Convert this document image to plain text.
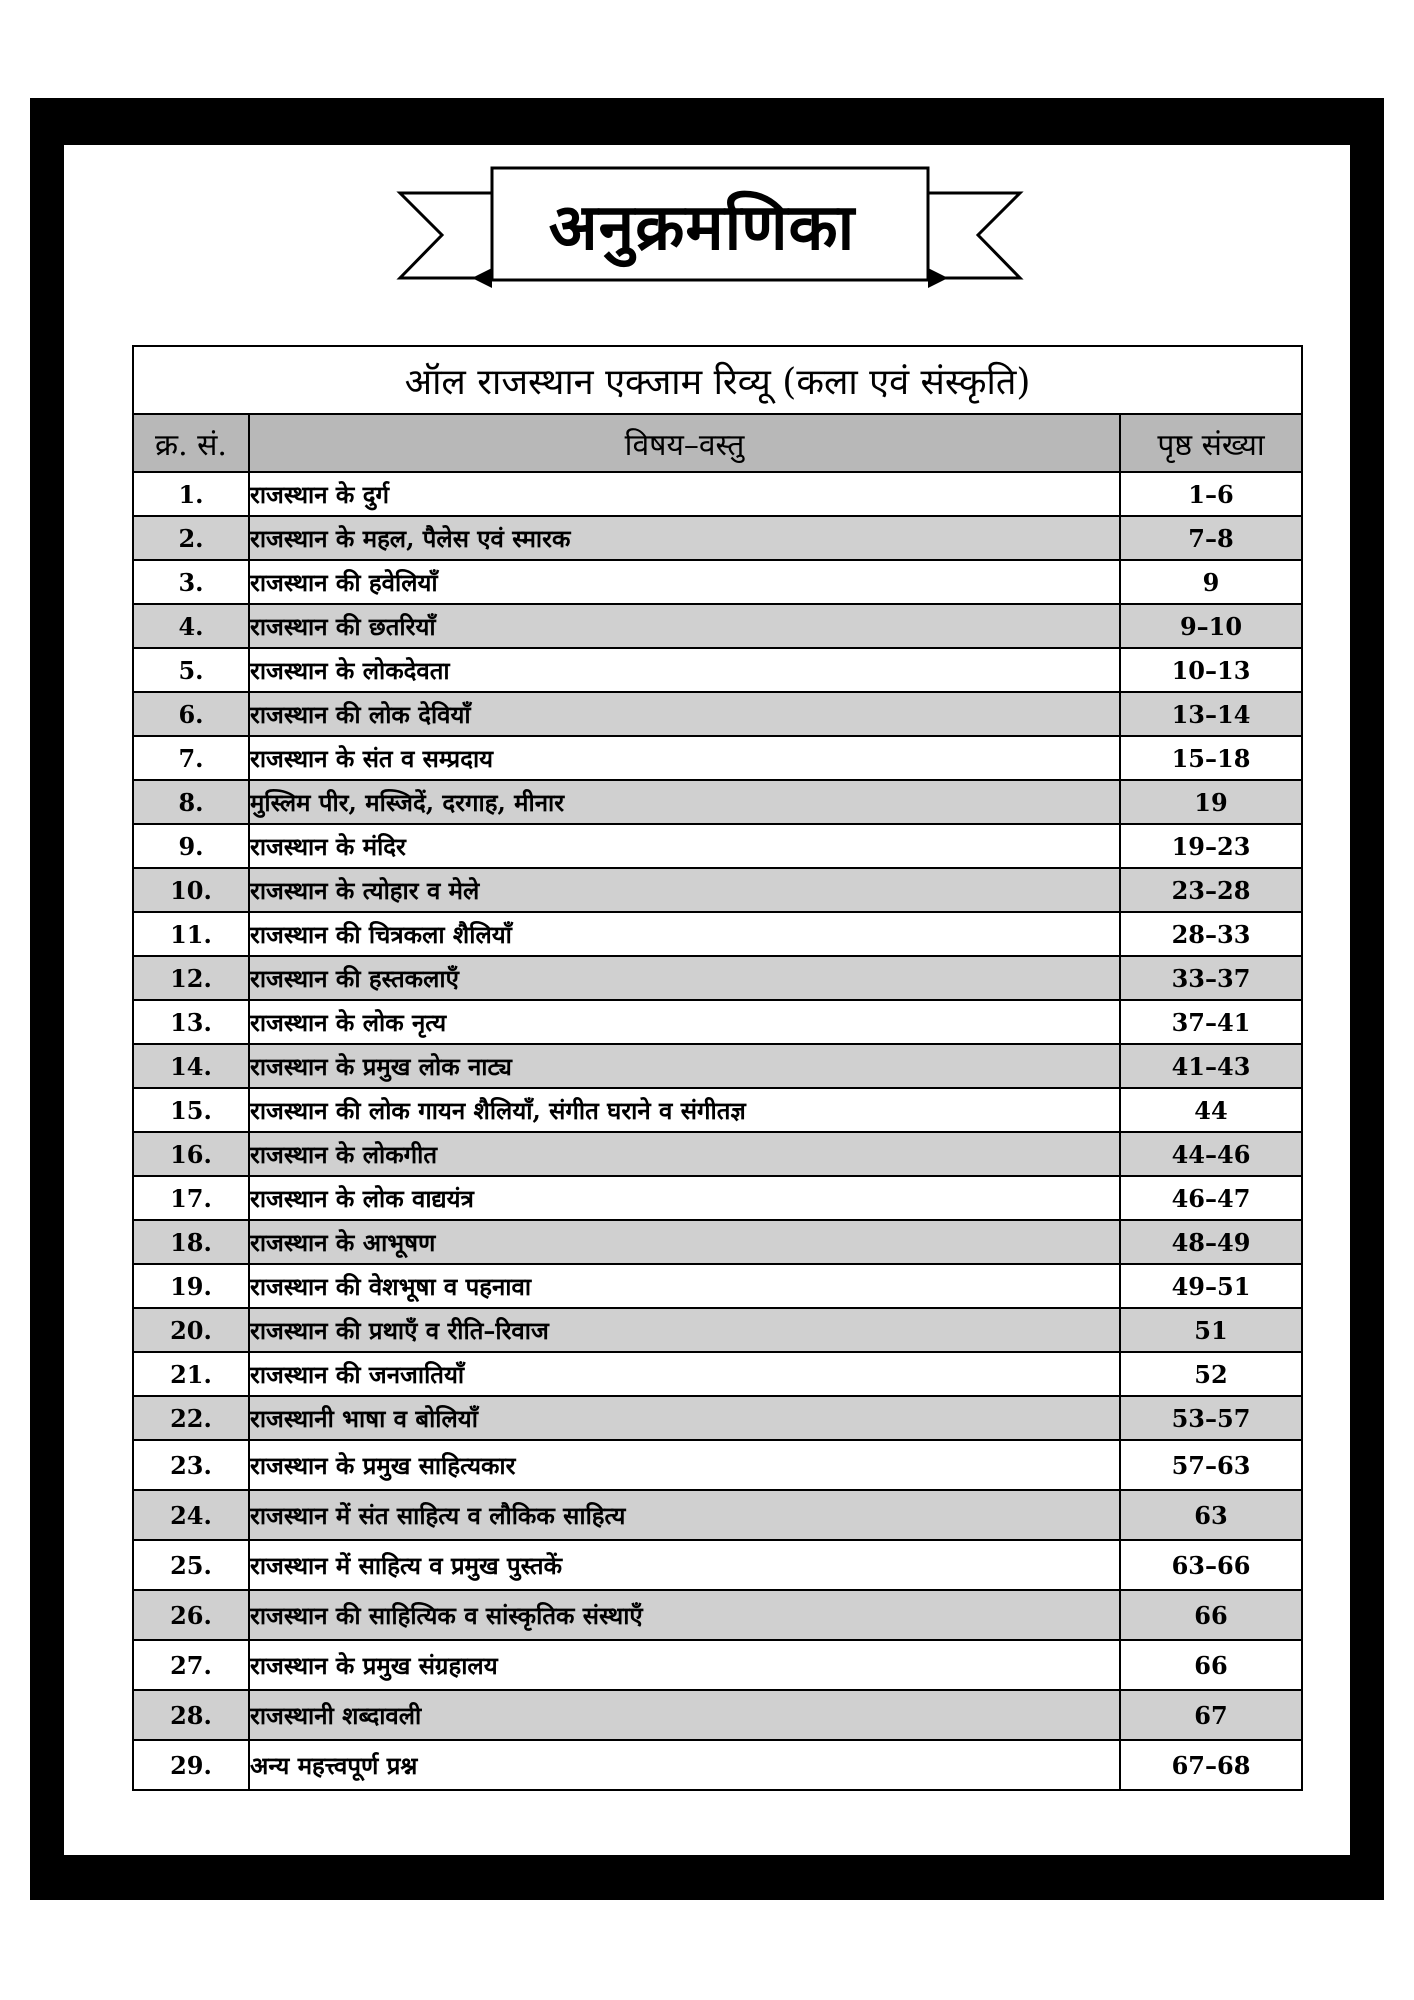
अनुक्रमणिका
ऑल राजस्थान एक्जाम रिव्यू (कला एवं संस्कृति)		
क्र. सं.	विषय–वस्तु	पृष्ठ संख्या
1.	राजस्थान के दुर्ग	1–6
2.	राजस्थान के महल, पैलेस एवं स्मारक	7–8
3.	राजस्थान की हवेलियाँ	9
4.	राजस्थान की छतरियाँ	9–10
5.	राजस्थान के लोकदेवता	10–13
6.	राजस्थान की लोक देवियाँ	13–14
7.	राजस्थान के संत व सम्प्रदाय	15–18
8.	मुस्लिम पीर, मस्जिदें, दरगाह, मीनार	19
9.	राजस्थान के मंदिर	19–23
10.	राजस्थान के त्योहार व मेले	23–28
11.	राजस्थान की चित्रकला शैलियाँ	28–33
12.	राजस्थान की हस्तकलाएँ	33–37
13.	राजस्थान के लोक नृत्य	37–41
14.	राजस्थान के प्रमुख लोक नाट्य	41–43
15.	राजस्थान की लोक गायन शैलियाँ, संगीत घराने व संगीतज्ञ	44
16.	राजस्थान के लोकगीत	44–46
17.	राजस्थान के लोक वाद्ययंत्र	46–47
18.	राजस्थान के आभूषण	48–49
19.	राजस्थान की वेशभूषा व पहनावा	49–51
20.	राजस्थान की प्रथाएँ व रीति–रिवाज	51
21.	राजस्थान की जनजातियाँ	52
22.	राजस्थानी भाषा व बोलियाँ	53–57
23.	राजस्थान के प्रमुख साहित्यकार	57–63
24.	राजस्थान में संत साहित्य व लौकिक साहित्य	63
25.	राजस्थान में साहित्य व प्रमुख पुस्तकें	63–66
26.	राजस्थान की साहित्यिक व सांस्कृतिक संस्थाएँ	66
27.	राजस्थान के प्रमुख संग्रहालय	66
28.	राजस्थानी शब्दावली	67
29.	अन्य महत्त्वपूर्ण प्रश्न	67–68
